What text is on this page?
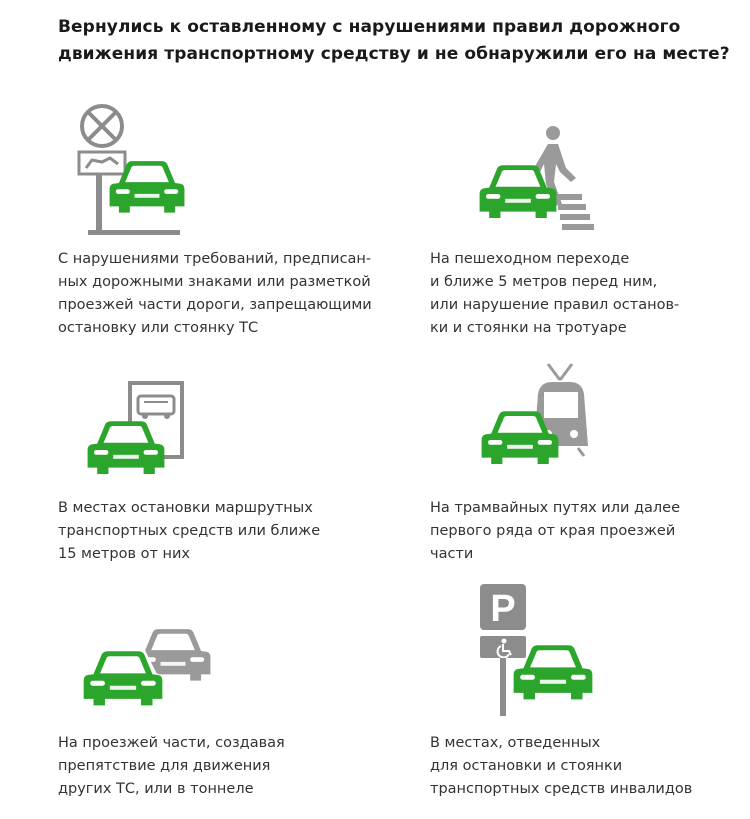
Вернулись к оставленному с нарушениями правил дорожного
движения транспортному средству и не обнаружили его на месте?
P
С нарушениями требований, предписан-
ных дорожными знаками или разметкой
проезжей части дороги, запрещающими
остановку или стоянку ТС
На пешеходном переходе
и ближе 5 метров перед ним,
или нарушение правил останов-
ки и стоянки на тротуаре
В местах остановки маршрутных
транспортных средств или ближе
15 метров от них
На трамвайных путях или далее
первого ряда от края проезжей
части
На проезжей части, создавая
препятствие для движения
других ТС, или в тоннеле
В местах, отведенных
для остановки и стоянки
транспортных средств инвалидов
